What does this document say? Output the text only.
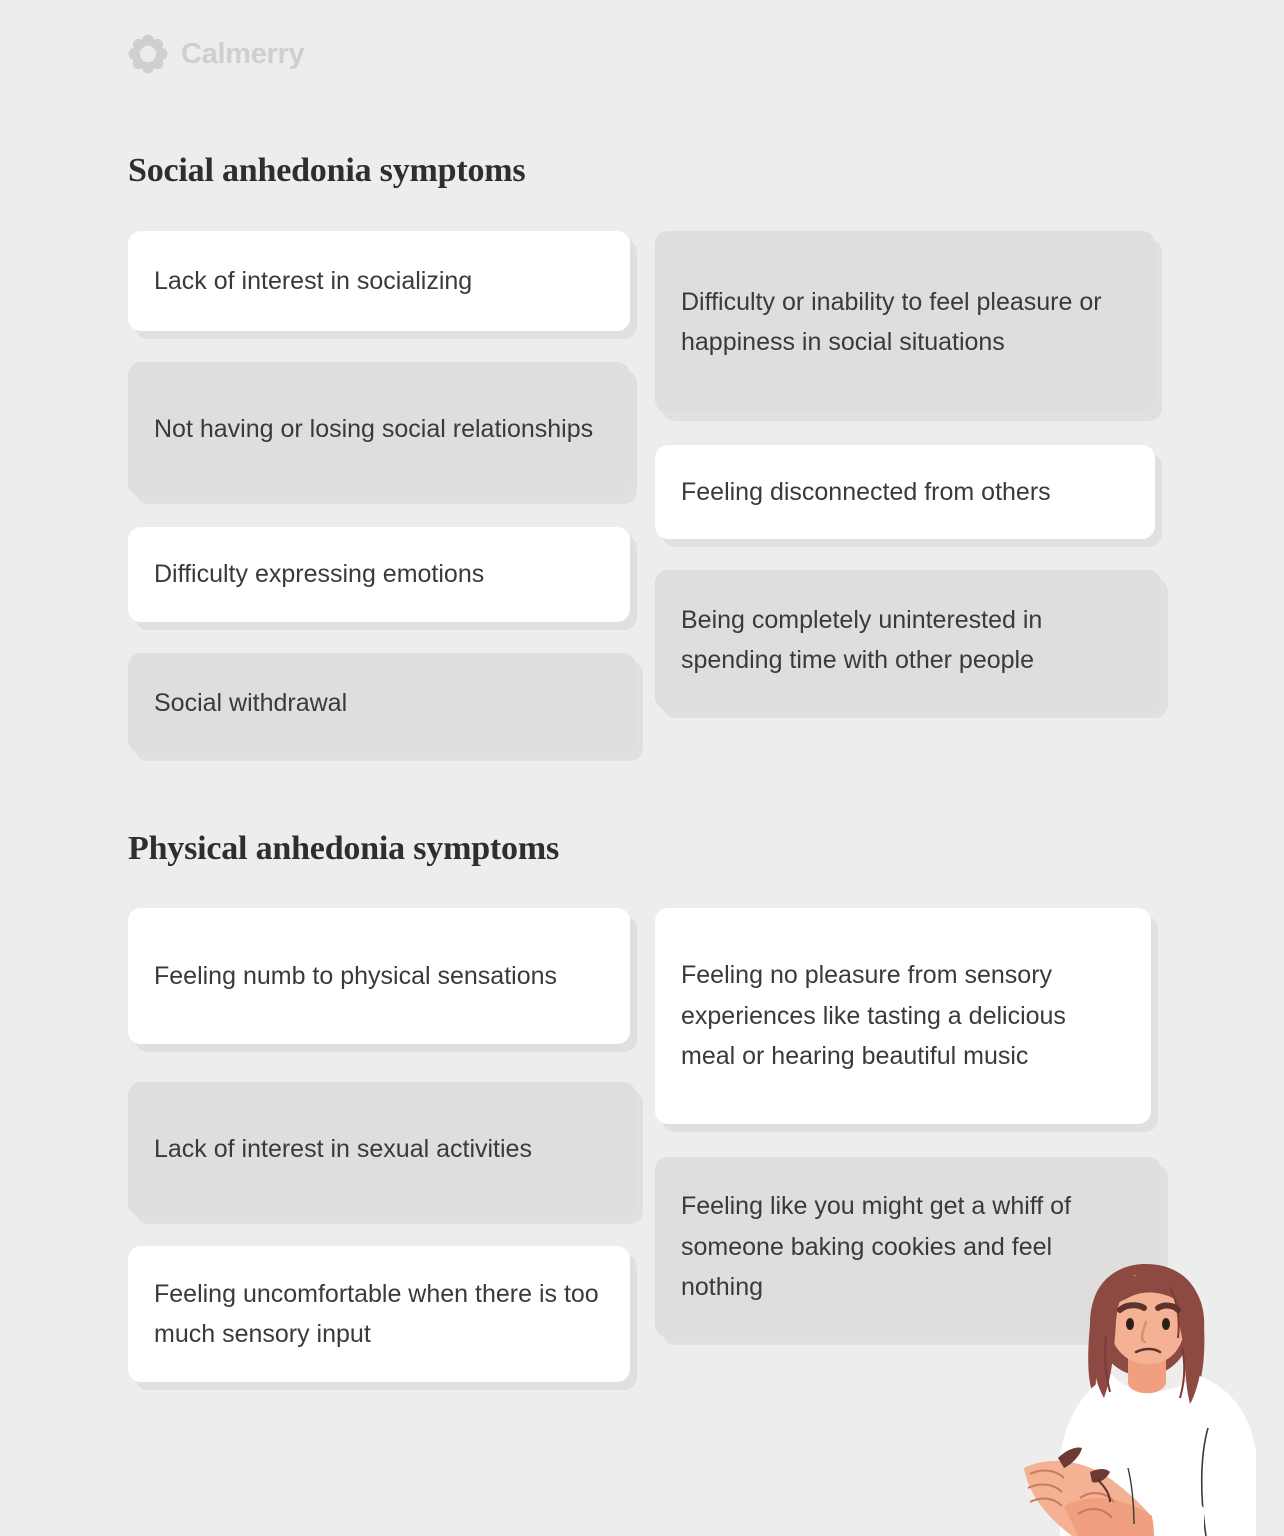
Calmerry
Social anhedonia symptoms
Physical anhedonia symptoms
Lack of interest in socializing
Not having or losing social relationships
Difficulty expressing emotions
Social withdrawal
Difficulty or inability to feel pleasure or happiness in social situations
Feeling disconnected from others
Being completely uninterested in spending time with other people
Feeling numb to physical sensations
Lack of interest in sexual activities
Feeling uncomfortable when there is too much sensory input
Feeling no pleasure from sensory experiences like tasting a delicious meal or hearing beautiful music
Feeling like you might get a whiff of someone baking cookies and feel nothing
